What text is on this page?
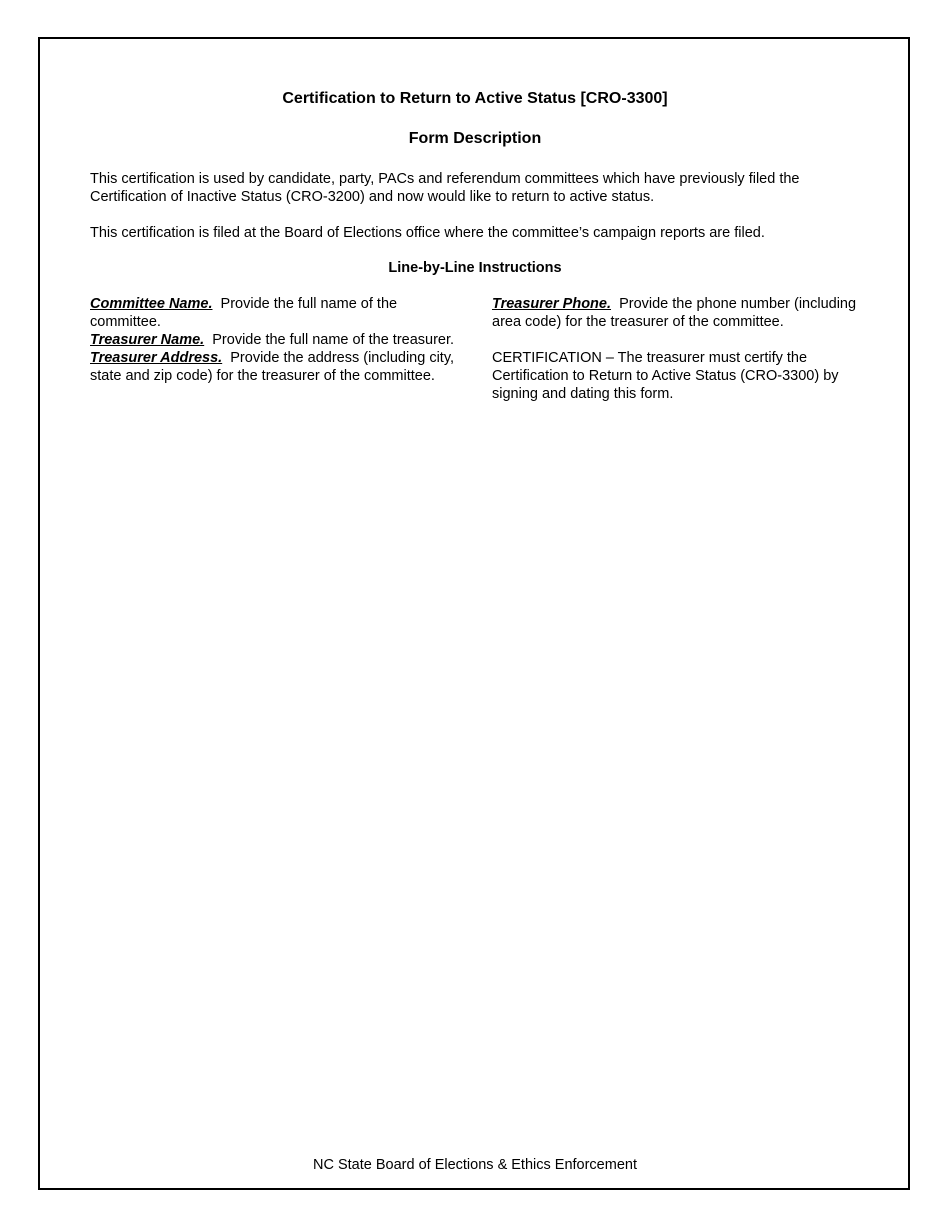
Certification to Return to Active Status [CRO-3300]
Form Description
This certification is used by candidate, party, PACs and referendum committees which have previously filed the Certification of Inactive Status (CRO-3200) and now would like to return to active status.
This certification is filed at the Board of Elections office where the committee’s campaign reports are filed.
Line-by-Line Instructions

Committee Name. Provide the full name of the committee.

Treasurer Name. Provide the full name of the treasurer.

Treasurer Address. Provide the address (including city, state and zip code) for the treasurer of the committee.

Treasurer Phone. Provide the phone number (including area code) for the treasurer of the committee.

CERTIFICATION – The treasurer must certify the Certification to Return to Active Status (CRO-3300) by signing and dating this form.

NC State Board of Elections & Ethics Enforcement
